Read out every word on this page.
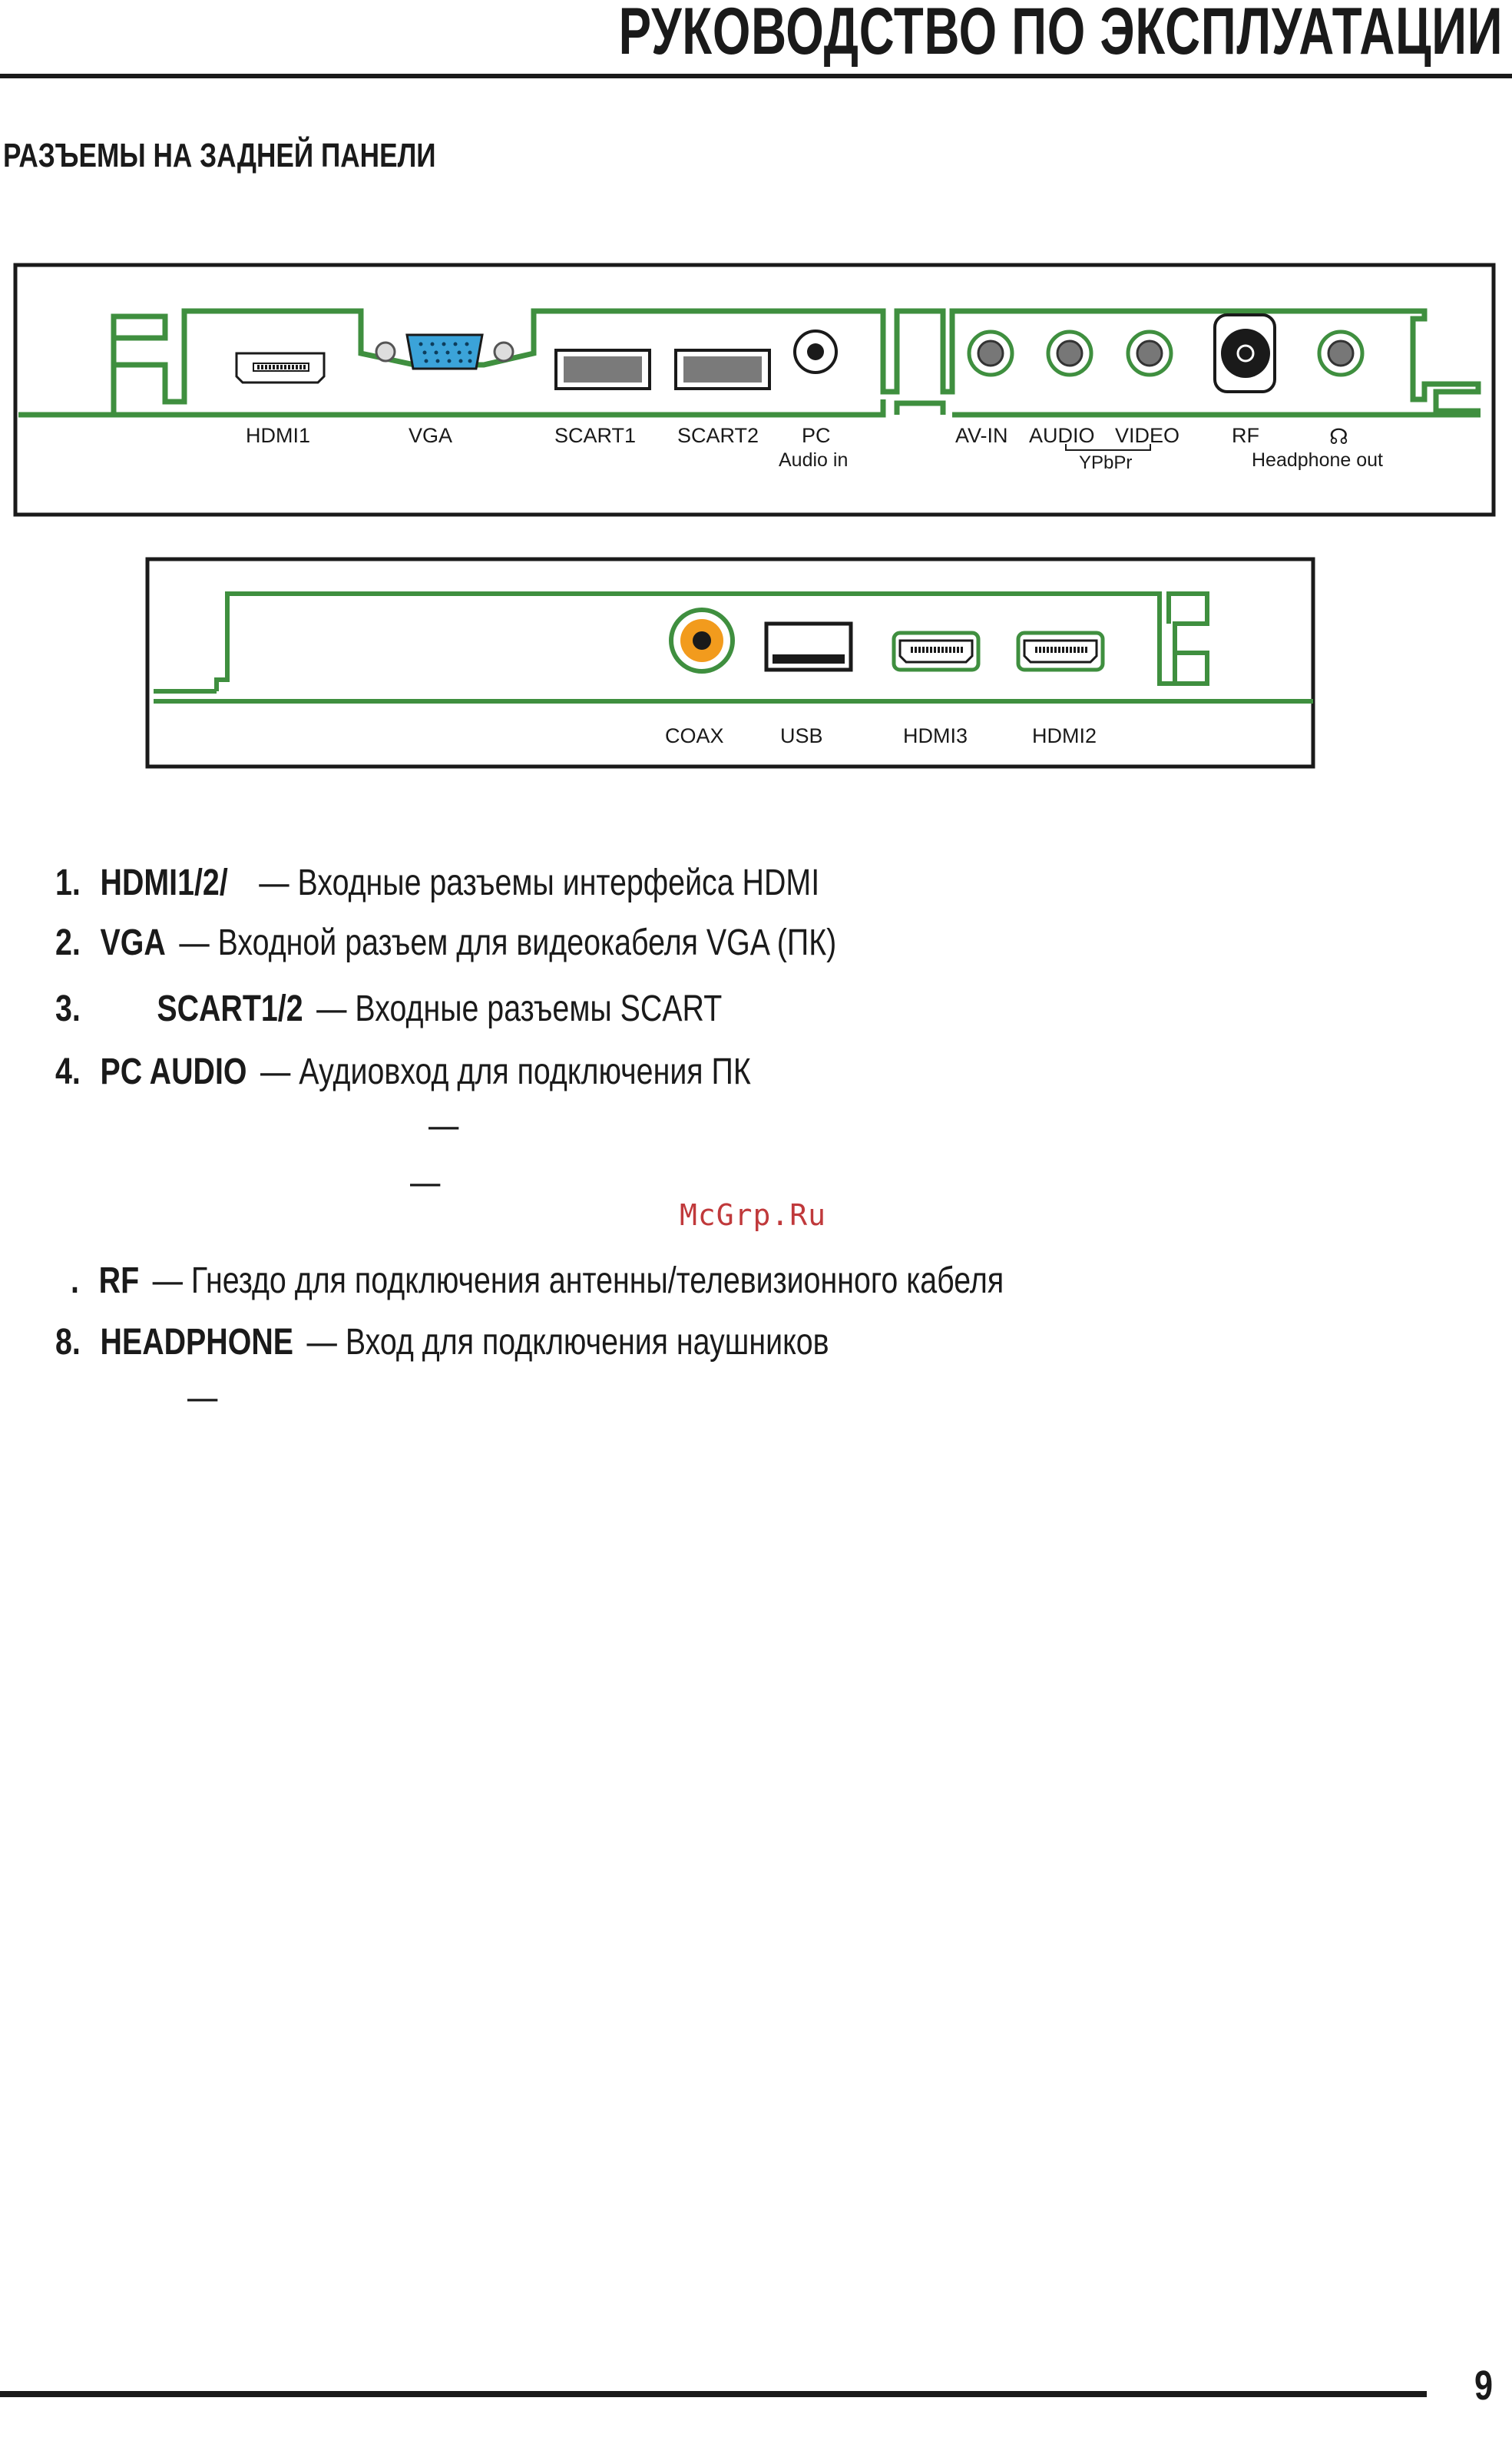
РУКОВОДСТВО ПО ЭКСПЛУАТАЦИИ
РАЗЪЕМЫ НА ЗАДНЕЙ ПАНЕЛИ
HDMI1	VGA	SCART1 SCART2 PC
Audio in
AV-IN AUDIO VIDEO
YPbPr
RF	☊
Headphone out
COAX	USB	HDMI3	HDMI2
1. HDMI1/2/ — Входные разъемы интерфейса HDMI
2. VGA — Входной разъем для видеокабеля VGA (ПК)
3. SCART1/2 — Входные разъемы SCART
4. PC AUDIO — Аудиовход для подключения ПК
—
—
McGrp.Ru
. RF — Гнездо для подключения антенны/телевизионного кабеля
8. HEADPHONE — Вход для подключения наушников
—
9
